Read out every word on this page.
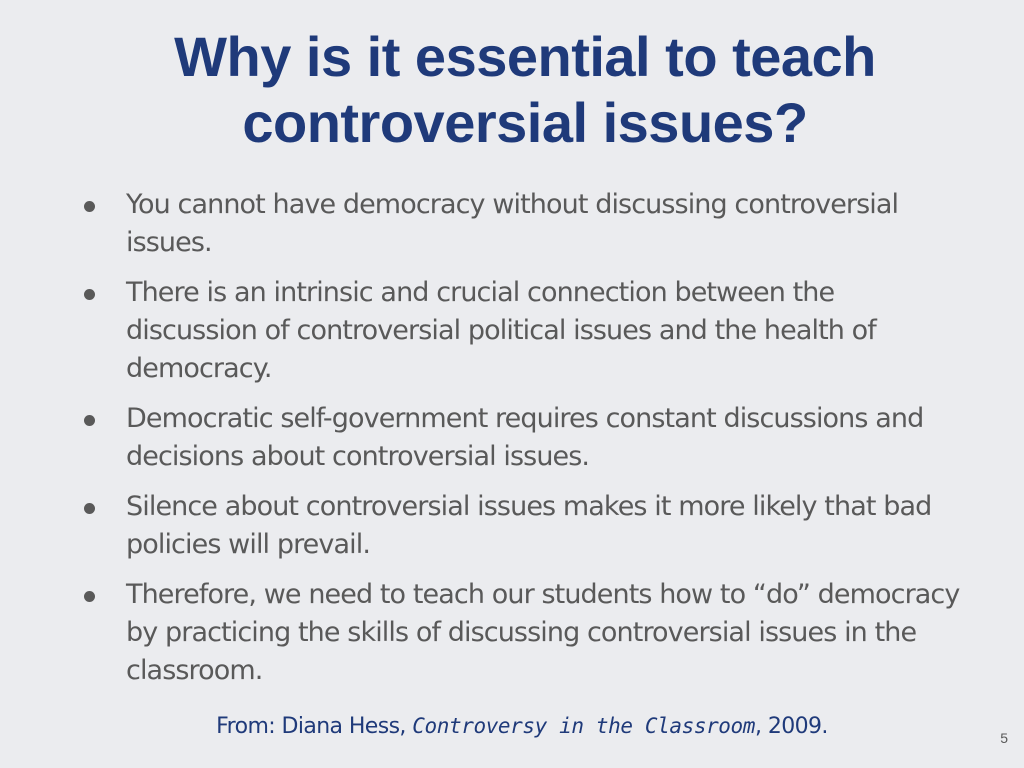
Why is it essential to teach controversial issues?
You cannot have democracy without discussing controversial issues.
There is an intrinsic and crucial connection between the discussion of controversial political issues and the health of democracy.
Democratic self-government requires constant discussions and decisions about controversial issues.
Silence about controversial issues makes it more likely that bad policies will prevail.
Therefore, we need to teach our students how to “do” democracy by practicing the skills of discussing controversial issues in the classroom.
From: Diana Hess, Controversy in the Classroom, 2009.	5
